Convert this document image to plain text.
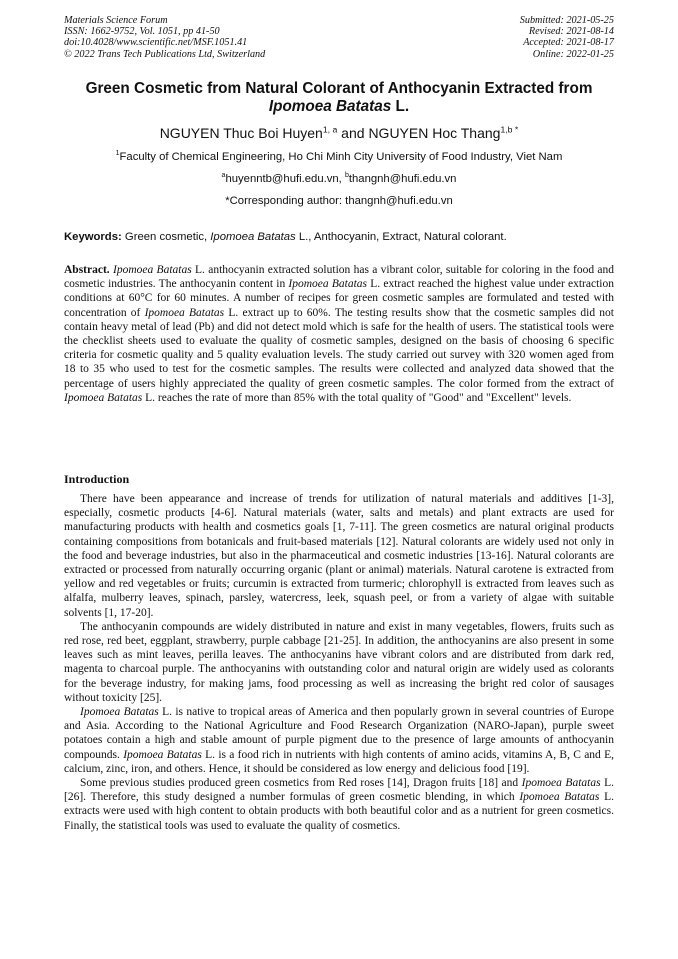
Materials Science Forum
ISSN: 1662-9752, Vol. 1051, pp 41-50
doi:10.4028/www.scientific.net/MSF.1051.41
© 2022 Trans Tech Publications Ltd, Switzerland
Submitted: 2021-05-25
Revised: 2021-08-14
Accepted: 2021-08-17
Online: 2022-01-25
Green Cosmetic from Natural Colorant of Anthocyanin Extracted from
Ipomoea Batatas L.
NGUYEN Thuc Boi Huyen$^{1, a}$ and NGUYEN Hoc Thang$^{1,b *}$
$^1$Faculty of Chemical Engineering, Ho Chi Minh City University of Food Industry, Viet Nam
$^a$huyenntb@hufi.edu.vn, $^b$thangnh@hufi.edu.vn
*Corresponding author: thangnh@hufi.edu.vn
Keywords: Green cosmetic, Ipomoea Batatas L., Anthocyanin, Extract, Natural colorant.

Abstract. Ipomoea Batatas L. anthocyanin extracted solution has a vibrant color, suitable for coloring in the food and cosmetic industries. The anthocyanin content in Ipomoea Batatas L. extract reached the highest value under extraction conditions at 60°C for 60 minutes. A number of recipes for green cosmetic samples are formulated and tested with concentration of Ipomoea Batatas L. extract up to 60%. The testing results show that the cosmetic samples did not contain heavy metal of lead (Pb) and did not detect mold which is safe for the health of users. The statistical tools were the checklist sheets used to evaluate the quality of cosmetic samples, designed on the basis of choosing 6 specific criteria for cosmetic quality and 5 quality evaluation levels. The study carried out survey with 320 women aged from 18 to 35 who used to test for the cosmetic samples. The results were collected and analyzed data showed that the percentage of users highly appreciated the quality of green cosmetic samples. The color formed from the extract of Ipomoea Batatas L. reaches the rate of more than 85% with the total quality of "Good" and "Excellent" levels.

Introduction

There have been appearance and increase of trends for utilization of natural materials and additives [1-3], especially, cosmetic products [4-6]. Natural materials (water, salts and metals) and plant extracts are used for manufacturing products with health and cosmetics goals [1, 7-11]. The green cosmetics are natural original products containing compositions from botanicals and fruit-based materials [12]. Natural colorants are widely used not only in the food and beverage industries, but also in the pharmaceutical and cosmetic industries [13-16]. Natural colorants are extracted or processed from naturally occurring organic (plant or animal) materials. Natural carotene is extracted from yellow and red vegetables or fruits; curcumin is extracted from turmeric; chlorophyll is extracted from leaves such as alfalfa, mulberry leaves, spinach, parsley, watercress, leek, squash peel, or from a variety of algae with suitable solvents [1, 17-20].

The anthocyanin compounds are widely distributed in nature and exist in many vegetables, flowers, fruits such as red rose, red beet, eggplant, strawberry, purple cabbage [21-25]. In addition, the anthocyanins are also present in some leaves such as mint leaves, perilla leaves. The anthocyanins have vibrant colors and are distributed from dark red, magenta to charcoal purple. The anthocyanins with outstanding color and natural origin are widely used as colorants for the beverage industry, for making jams, food processing as well as increasing the bright red color of sausages without toxicity [25].

Ipomoea Batatas L. is native to tropical areas of America and then popularly grown in several countries of Europe and Asia. According to the National Agriculture and Food Research Organization (NARO-Japan), purple sweet potatoes contain a high and stable amount of purple pigment due to the presence of large amounts of anthocyanin compounds. Ipomoea Batatas L. is a food rich in nutrients with high contents of amino acids, vitamins A, B, C and E, calcium, zinc, iron, and others. Hence, it should be considered as low energy and delicious food [19].

Some previous studies produced green cosmetics from Red roses [14], Dragon fruits [18] and Ipomoea Batatas L. [26]. Therefore, this study designed a number formulas of green cosmetic blending, in which Ipomoea Batatas L. extracts were used with high content to obtain products with both beautiful color and as a nutrient for green cosmetics. Finally, the statistical tools was used to evaluate the quality of cosmetics.
